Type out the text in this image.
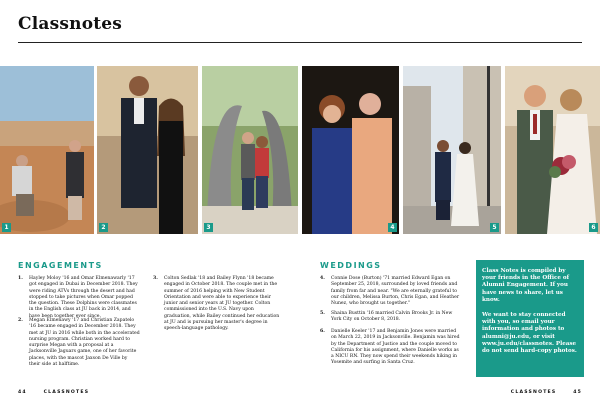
Classnotes
1	2	3	4	5	6
ENGAGEMENTS
1. Hayley Moloy '16 and Omar Elmenawarly '17 got engaged in Dubai in December 2018. They were riding ATVs through the desert and had stopped to take pictures when Omar popped the question. These Dolphins were classmates in the English class at JU back in 2014, and have been together ever since.
2. Megan Elmenawy '17 and Christian Zapatelo '16 became engaged in December 2018. They met at JU in 2016 while both in the accelerated nursing program. Christian worked hard to surprise Megan with a proposal at a Jacksonville Jaguars game, one of her favorite places, with the mascot Jaxson De Ville by their side at halftime.
3. Colton Sedlak '18 and Bailey Flynn '18 became engaged in October 2018. The couple met in the summer of 2016 helping with New Student Orientation and were able to experience their junior and senior years at JU together. Colton commissioned into the U.S. Navy upon graduation, while Bailey continued her education at JU and is pursuing her master's degree in speech-language pathology.
WEDDINGS
4. Connie Dose (Burton) '71 married Edward Egan on September 25, 2018, surrounded by loved friends and family from far and near. "We are eternally grateful to our children, Melissa Burton, Chris Egan, and Heather Nunez, who brought us together."
5. Shaina Busttin '16 married Calvin Brooks Jr. in New York City on October 8, 2018.
6. Danielle Keeler '17 and Benjamin Jones were married on March 22, 2019 in Jacksonville. Benjamin was hired by the Department of Justice and the couple moved to California for his assignment, where Danielle works as a NICU RN. They now spend their weekends hiking in Yosemite and surfing in Santa Cruz.

Class Notes is compiled by your friends in the Office of Alumni Engagement. If you have news to share, let us know.

We want to stay connected with you, so email your information and photos to alumni@ju.edu, or visit www.ju.edu/classnotes. Please do not send hard-copy photos.

44	CLASSNOTES	CLASSNOTES	45
